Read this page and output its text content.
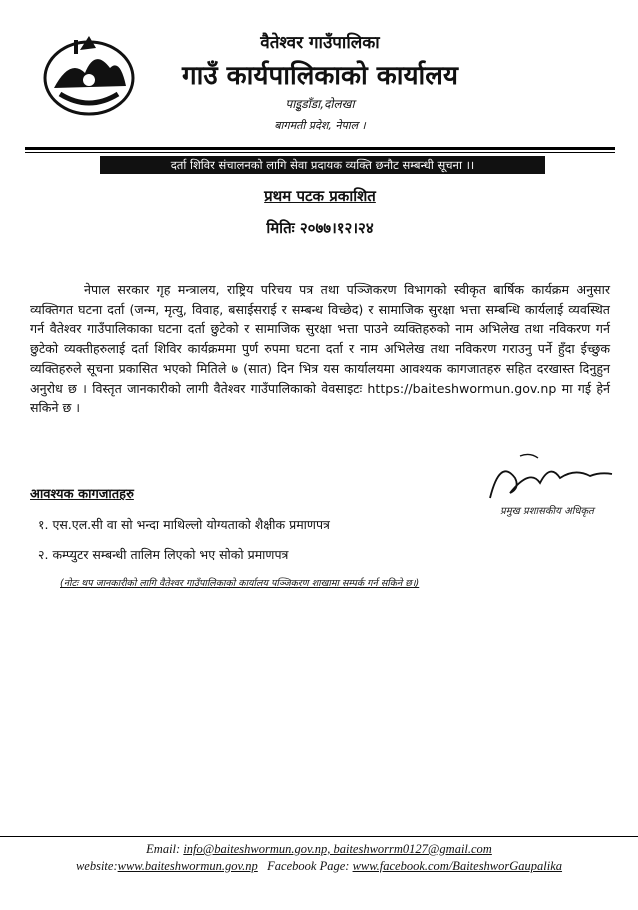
वैतेश्वर गाउँपालिका
गाउँ कार्यपालिकाको कार्यालय
पाइुडाँडा,दोलखा
बागमती प्रदेश, नेपाल ।
दर्ता शिविर संचालनको लागि सेवा प्रदायक व्यक्ति छनौट सम्बन्धी सूचना ।।
प्रथम पटक प्रकाशित
मितिः २०७७।१२।२४
नेपाल सरकार गृह मन्त्रालय, राष्ट्रिय परिचय पत्र तथा पञ्जिकरण विभागको स्वीकृत बार्षिक कार्यक्रम अनुसार व्यक्तिगत घटना दर्ता (जन्म, मृत्यु, विवाह, बसाईसराई र सम्बन्ध विच्छेद) र सामाजिक सुरक्षा भत्ता सम्बन्धि कार्यलाई व्यवस्थित गर्न वैतेश्वर गाउँपालिकाका घटना दर्ता छुटेको र सामाजिक सुरक्षा भत्ता पाउने व्यक्तिहरुको नाम अभिलेख तथा नविकरण गर्न छुटेको व्यक्तीहरुलाई दर्ता शिविर कार्यक्रममा पुर्ण रुपमा घटना दर्ता र नाम अभिलेख तथा नविकरण गराउनु पर्ने हुँदा ईच्छुक व्यक्तिहरुले सूचना प्रकासित भएको मितिले ७ (सात) दिन भित्र यस कार्यालयमा आवश्यक कागजातहरु सहित दरखास्त दिनुहुन अनुरोध छ । विस्तृत जानकारीको लागी वैतेश्वर गाउँपालिकाको वेवसाइटः https://baiteshwormun.gov.np मा गई हेर्न सकिने छ ।
प्रमुख प्रशासकीय अधिकृत
आवश्यक कागजातहरु
१. एस.एल.सी वा सो भन्दा माथिल्लो योग्यताको शैक्षीक प्रमाणपत्र
२. कम्प्युटर सम्बन्धी तालिम लिएको भए सोको प्रमाणपत्र
(नोटः थप जानकारीको लागि वैतेश्वर गाउँपालिकाको कार्यालय पञ्जिकरण शाखामा सम्पर्क गर्न सकिने छ।)
Email: info@baiteshwormun.gov.np, baiteshworrm0127@gmail.com
website:www.baiteshwormun.gov.np Facebook Page: www.facebook.com/BaiteshworGaupalika
